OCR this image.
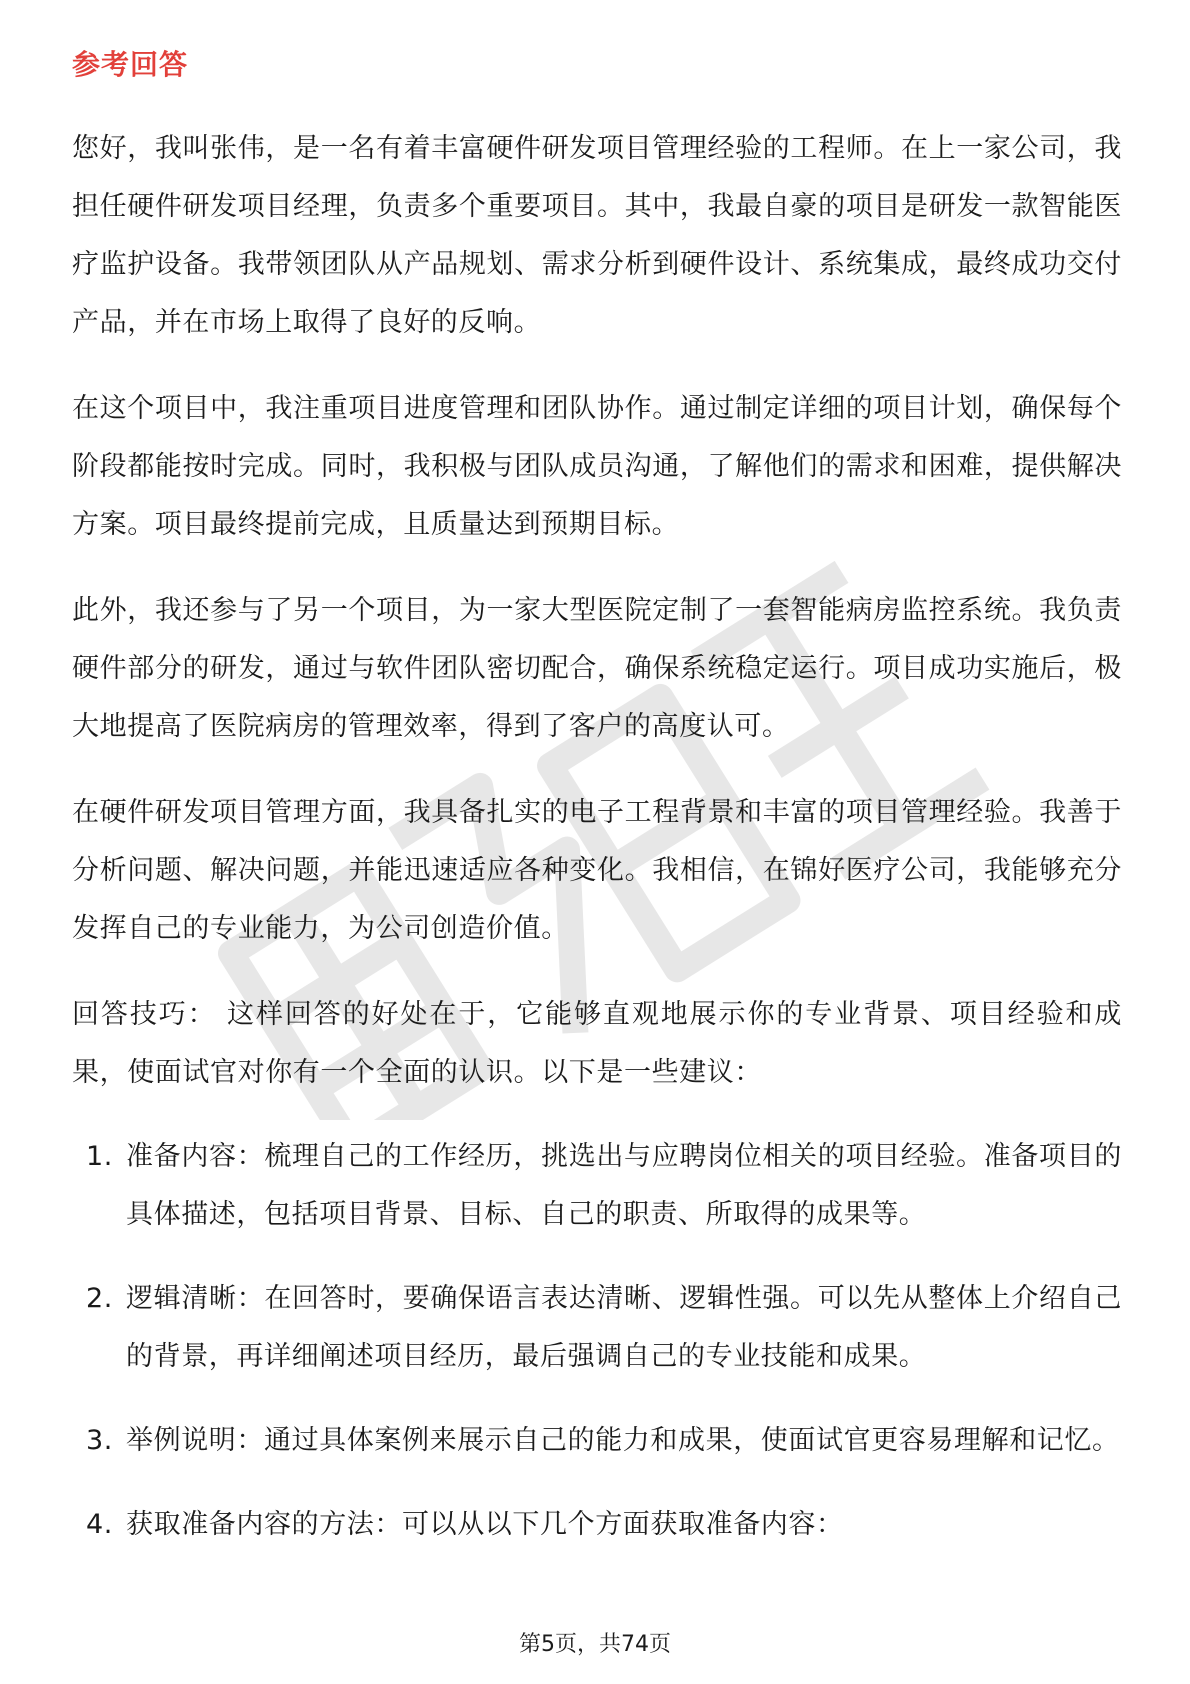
参考回答

您好，我叫张伟，是一名有着丰富硬件研发项目管理经验的工程师。在上一家公司，我担任硬件研发项目经理，负责多个重要项目。其中，我最自豪的项目是研发一款智能医疗监护设备。我带领团队从产品规划、需求分析到硬件设计、系统集成，最终成功交付产品，并在市场上取得了良好的反响。

在这个项目中，我注重项目进度管理和团队协作。通过制定详细的项目计划，确保每个阶段都能按时完成。同时，我积极与团队成员沟通，了解他们的需求和困难，提供解决方案。项目最终提前完成，且质量达到预期目标。

此外，我还参与了另一个项目，为一家大型医院定制了一套智能病房监控系统。我负责硬件部分的研发，通过与软件团队密切配合，确保系统稳定运行。项目成功实施后，极大地提高了医院病房的管理效率，得到了客户的高度认可。

在硬件研发项目管理方面，我具备扎实的电子工程背景和丰富的项目管理经验。我善于分析问题、解决问题，并能迅速适应各种变化。我相信，在锦好医疗公司，我能够充分发挥自己的专业能力，为公司创造价值。

回答技巧： 这样回答的好处在于，它能够直观地展示你的专业背景、项目经验和成果，使面试官对你有一个全面的认识。以下是一些建议：

1. 准备内容：梳理自己的工作经历，挑选出与应聘岗位相关的项目经验。准备项目的具体描述，包括项目背景、目标、自己的职责、所取得的成果等。
2. 逻辑清晰：在回答时，要确保语言表达清晰、逻辑性强。可以先从整体上介绍自己的背景，再详细阐述项目经历，最后强调自己的专业技能和成果。
3. 举例说明：通过具体案例来展示自己的能力和成果，使面试官更容易理解和记忆。
4. 获取准备内容的方法：可以从以下几个方面获取准备内容：
第5页，共74页
